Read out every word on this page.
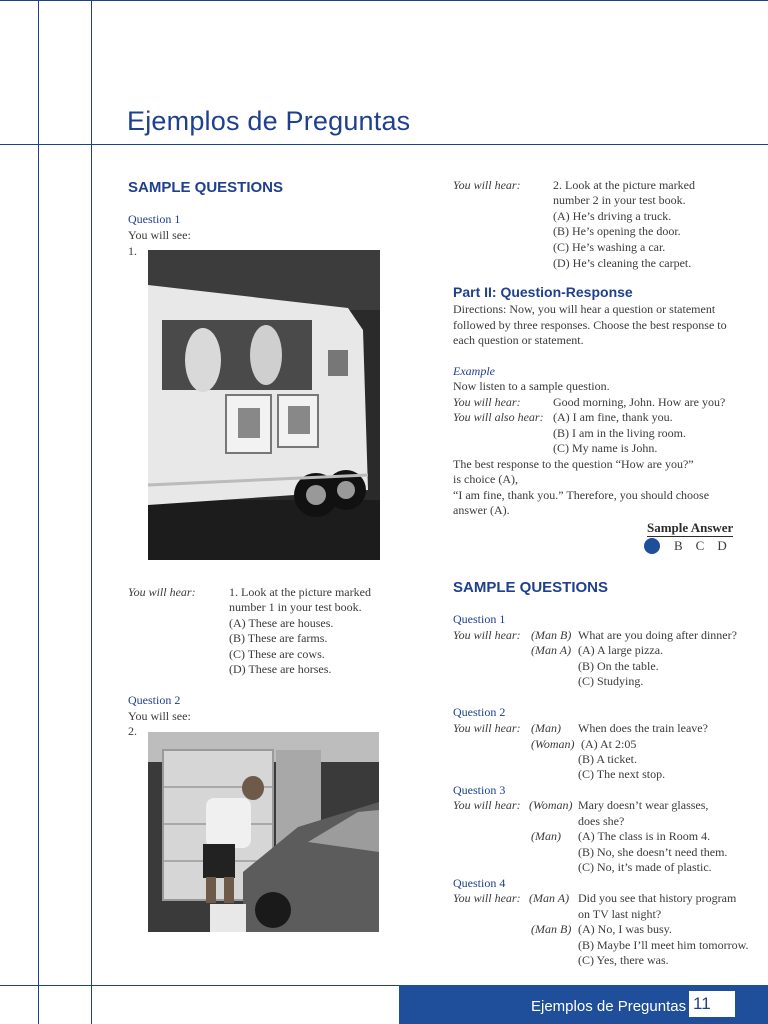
Ejemplos de Preguntas
SAMPLE QUESTIONS
Question 1
You will see:
1.
You will hear:	1. Look at the picture marked
number 1 in your test book.
(A) These are houses.
(B) These are farms.
(C) These are cows.
(D) These are horses.
Question 2
You will see:
2.
You will hear:	2. Look at the picture marked
number 2 in your test book.
(A) He’s driving a truck.
(B) He’s opening the door.
(C) He’s washing a car.
(D) He’s cleaning the carpet.
Part II: Question-Response
Directions: Now, you will hear a question or statement
followed by three responses. Choose the best response to
each question or statement.
Example
Now listen to a sample question.
You will hear:	Good morning, John. How are you?
You will also hear: (A) I am fine, thank you.
(B) I am in the living room.
(C) My name is John.
The best response to the question “How are you?”
is choice (A),
“I am fine, thank you.” Therefore, you should choose
answer (A).
Sample Answer
B    C    D
SAMPLE QUESTIONS
Question 1
You will hear: (Man B) What are you doing after dinner?
(Man A) (A) A large pizza.
(B) On the table.
(C) Studying.
Question 2
You will hear: (Man) When does the train leave?
(Woman) (A) At 2:05
(B) A ticket.
(C) The next stop.
Question 3
You will hear: (Woman) Mary doesn’t wear glasses,
does she?
(Man) (A) The class is in Room 4.
(B) No, she doesn’t need them.
(C) No, it’s made of plastic.
Question 4
You will hear: (Man A) Did you see that history program
on TV last night?
(Man B) (A) No, I was busy.
(B) Maybe I’ll meet him tomorrow.
(C) Yes, there was.
Ejemplos de Preguntas 11
